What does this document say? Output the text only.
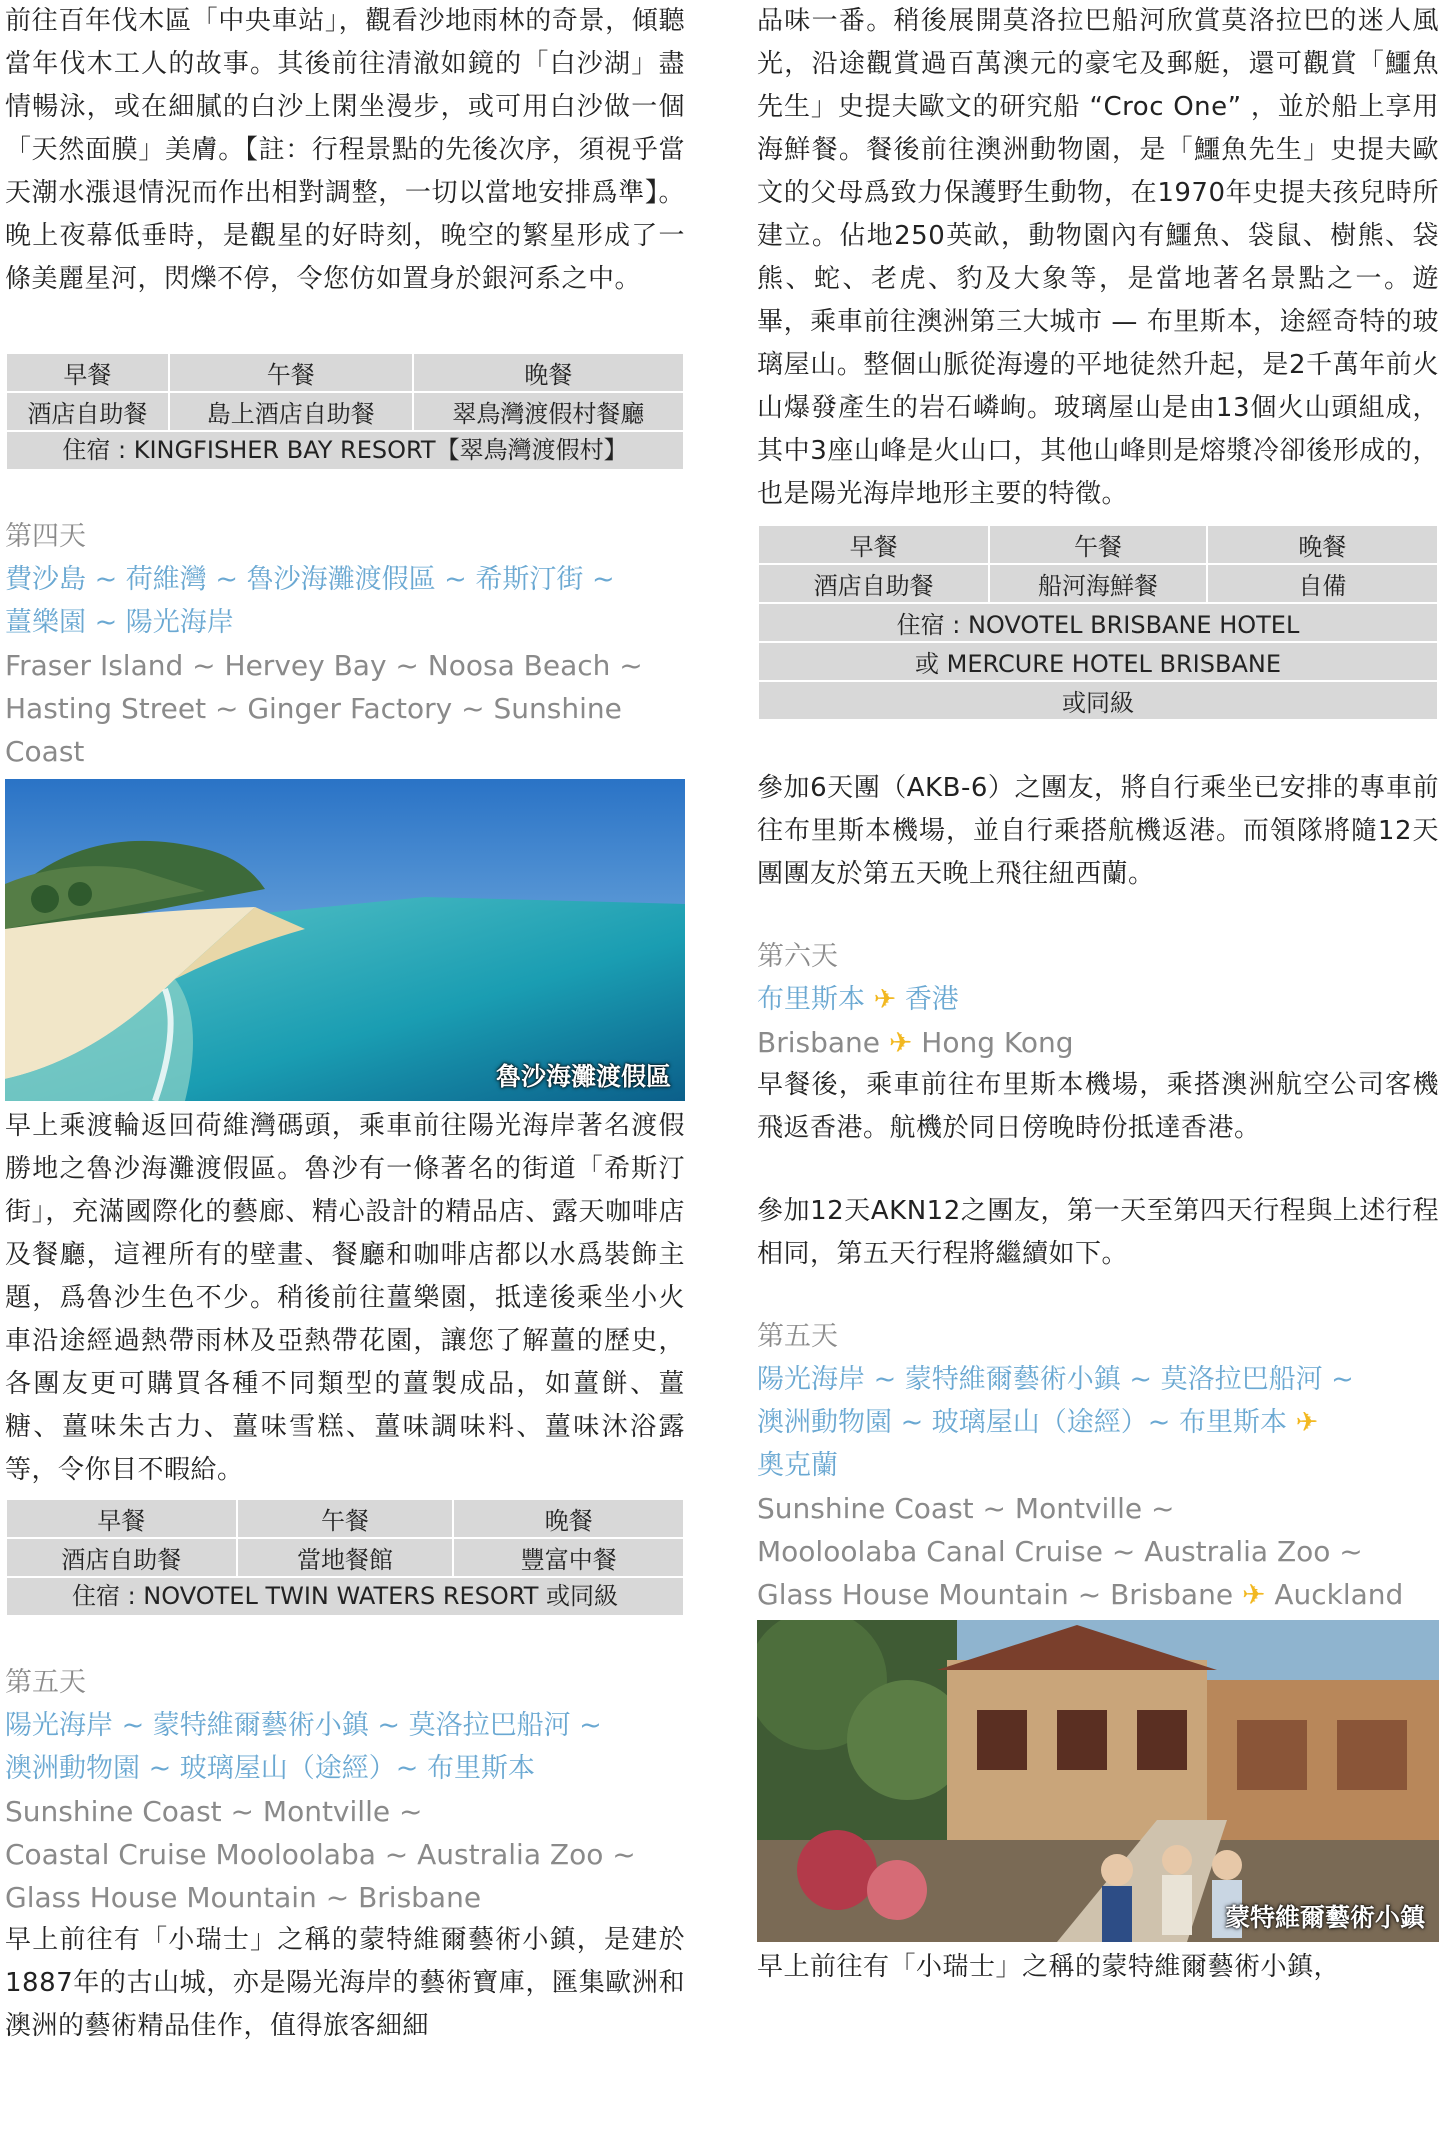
前往百年伐木區「中央車站」，觀看沙地雨林的奇景，傾聽當年伐木工人的故事。其後前往清澈如鏡的「白沙湖」盡情暢泳，或在細膩的白沙上閑坐漫步，或可用白沙做一個「天然面膜」美膚。【註：行程景點的先後次序，須視乎當天潮水漲退情況而作出相對調整，一切以當地安排爲準】。晚上夜幕低垂時，是觀星的好時刻，晚空的繁星形成了一條美麗星河，閃爍不停，令您仿如置身於銀河系之中。

早餐	午餐	晚餐
酒店自助餐	島上酒店自助餐	翠鳥灣渡假村餐廳
住宿 : KINGFISHER BAY RESORT【翠鳥灣渡假村】		

第四天

費沙島 ~ 荷維灣 ~ 魯沙海灘渡假區 ~ 希斯汀街 ~

薑樂園 ~ 陽光海岸

Fraser Island ~ Hervey Bay ~ Noosa Beach ~

Hasting Street ~ Ginger Factory ~ Sunshine Coast

魯沙海灘渡假區

早上乘渡輪返回荷維灣碼頭，乘車前往陽光海岸著名渡假勝地之魯沙海灘渡假區。魯沙有一條著名的街道「希斯汀街」，充滿國際化的藝廊、精心設計的精品店、露天咖啡店及餐廳，這裡所有的壁畫、餐廳和咖啡店都以水爲裝飾主題，爲魯沙生色不少。稍後前往薑樂園，抵達後乘坐小火車沿途經過熱帶雨林及亞熱帶花園，讓您了解薑的歷史，各團友更可購買各種不同類型的薑製成品，如薑餅、薑糖、薑味朱古力、薑味雪糕、薑味調味料、薑味沐浴露等，令你目不暇給。

早餐	午餐	晚餐
酒店自助餐	當地餐館	豐富中餐
住宿 : NOVOTEL TWIN WATERS RESORT 或同級		

第五天

陽光海岸 ~ 蒙特維爾藝術小鎮 ~ 莫洛拉巴船河 ~

澳洲動物園 ~ 玻璃屋山（途經）~ 布里斯本

Sunshine Coast ~ Montville ~

Coastal Cruise Mooloolaba ~ Australia Zoo ~

Glass House Mountain ~ Brisbane

早上前往有「小瑞士」之稱的蒙特維爾藝術小鎮，是建於1887年的古山城，亦是陽光海岸的藝術寶庫，匯集歐洲和澳洲的藝術精品佳作，值得旅客細細

品味一番。稍後展開莫洛拉巴船河欣賞莫洛拉巴的迷人風光，沿途觀賞過百萬澳元的豪宅及郵艇，還可觀賞「鱷魚先生」史提夫歐文的研究船 “Croc One” ，並於船上享用海鮮餐。餐後前往澳洲動物園，是「鱷魚先生」史提夫歐文的父母爲致力保護野生動物，在1970年史提夫孩兒時所建立。佔地250英畝，動物園內有鱷魚、袋鼠、樹熊、袋熊、蛇、老虎、豹及大象等，是當地著名景點之一。遊畢，乘車前往澳洲第三大城市 — 布里斯本，途經奇特的玻璃屋山。整個山脈從海邊的平地徒然升起，是2千萬年前火山爆發產生的岩石嶙峋。玻璃屋山是由13個火山頭組成，其中3座山峰是火山口，其他山峰則是熔漿冷卻後形成的，也是陽光海岸地形主要的特徵。

早餐	午餐	晚餐
酒店自助餐	船河海鮮餐	自備
住宿 : NOVOTEL BRISBANE HOTEL		
或 MERCURE HOTEL BRISBANE		
或同級		

參加6天團（AKB-6）之團友，將自行乘坐已安排的專車前往布里斯本機場，並自行乘搭航機返港。而領隊將隨12天團團友於第五天晚上飛往紐西蘭。

第六天

布里斯本 ✈ 香港

Brisbane ✈ Hong Kong

早餐後，乘車前往布里斯本機場，乘搭澳洲航空公司客機飛返香港。航機於同日傍晚時份抵達香港。

參加12天AKN12之團友，第一天至第四天行程與上述行程相同，第五天行程將繼續如下。

第五天

陽光海岸 ~ 蒙特維爾藝術小鎮 ~ 莫洛拉巴船河 ~

澳洲動物園 ~ 玻璃屋山（途經）~ 布里斯本 ✈

奧克蘭

Sunshine Coast ~ Montville ~

Mooloolaba Canal Cruise ~ Australia Zoo ~

Glass House Mountain ~ Brisbane ✈ Auckland

蒙特維爾藝術小鎮

早上前往有「小瑞士」之稱的蒙特維爾藝術小鎮，
